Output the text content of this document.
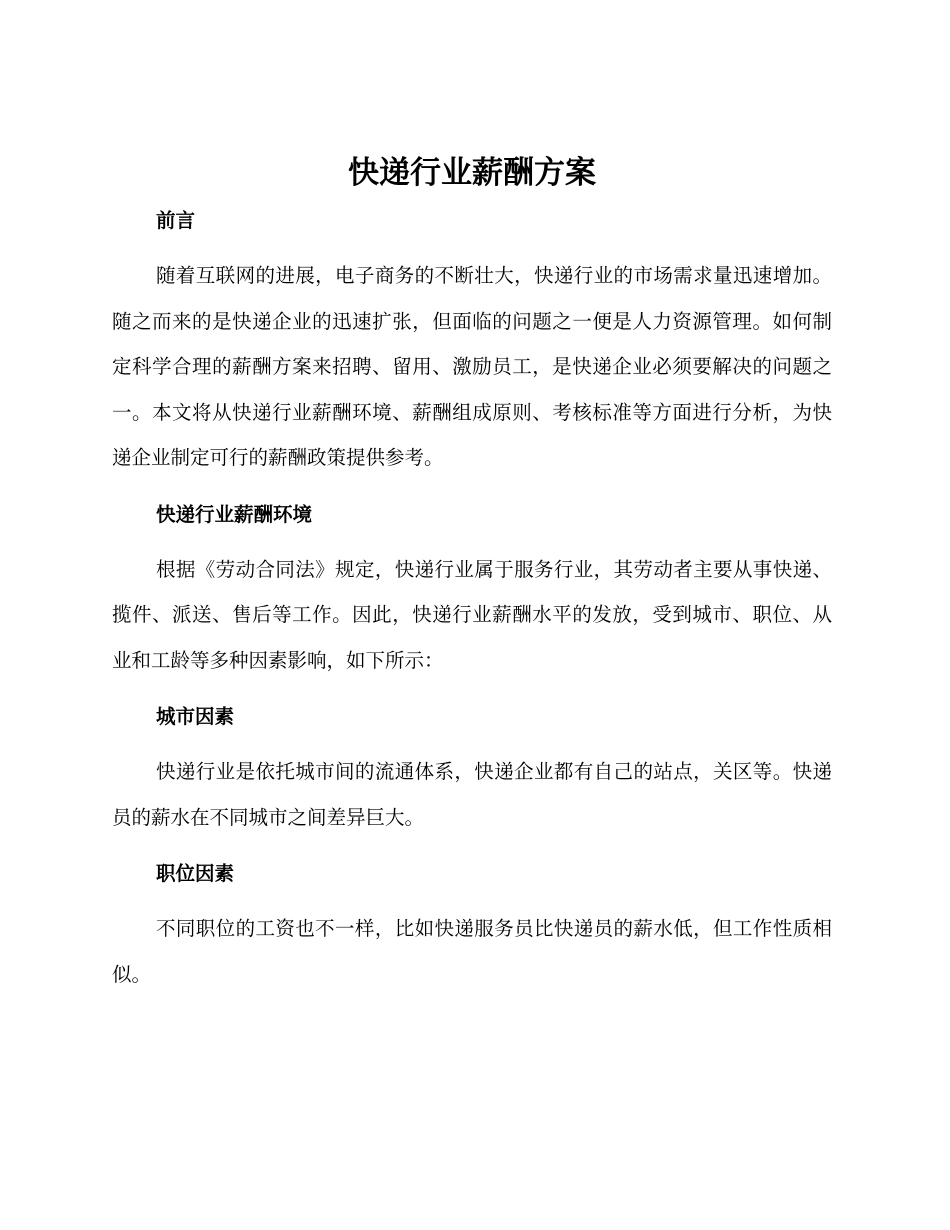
快递行业薪酬方案
前言

随着互联网的进展，电子商务的不断壮大，快递行业的市场需求量迅速增加。随之而来的是快递企业的迅速扩张，但面临的问题之一便是人力资源管理。如何制定科学合理的薪酬方案来招聘、留用、激励员工，是快递企业必须要解决的问题之一。本文将从快递行业薪酬环境、薪酬组成原则、考核标准等方面进行分析，为快递企业制定可行的薪酬政策提供参考。

快递行业薪酬环境

根据《劳动合同法》规定，快递行业属于服务行业，其劳动者主要从事快递、揽件、派送、售后等工作。因此，快递行业薪酬水平的发放，受到城市、职位、从业和工龄等多种因素影响，如下所示：

城市因素

快递行业是依托城市间的流通体系，快递企业都有自己的站点，关区等。快递员的薪水在不同城市之间差异巨大。

职位因素

不同职位的工资也不一样，比如快递服务员比快递员的薪水低，但工作性质相似。
